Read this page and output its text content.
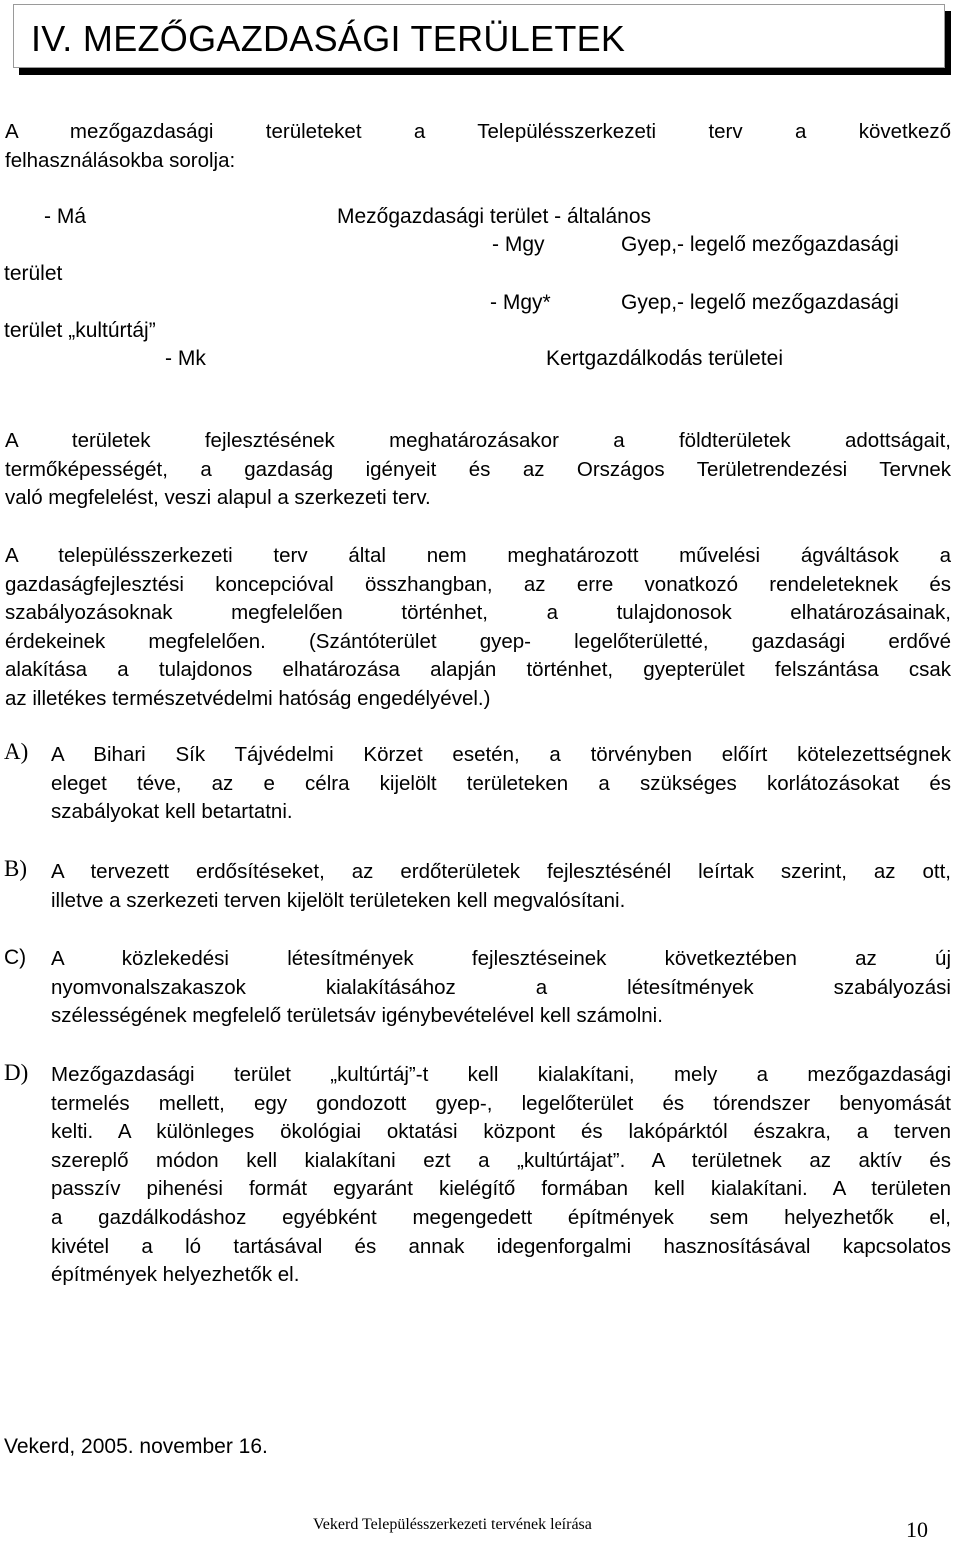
IV. MEZŐGAZDASÁGI TERÜLETEK
A	mezőgazdasági	területeket	a	Településszerkezeti	terv	a	következő
felhasználásokba sorolja:
- Má	Mezőgazdasági terület - általános
- Mgy	Gyep,- legelő mezőgazdasági
terület
- Mgy*	Gyep,- legelő mezőgazdasági
terület „kultúrtáj”
- Mk	Kertgazdálkodás területei
A területek fejlesztésének meghatározásakor a földterületek adottságait,
termőképességét, a gazdaság igényeit és az Országos Területrendezési Tervnek
való megfelelést, veszi alapul a szerkezeti terv.
A településszerkezeti terv által nem meghatározott művelési ágváltások a
gazdaságfejlesztési koncepcióval összhangban, az erre vonatkozó rendeleteknek és
szabályozásoknak megfelelően történhet, a tulajdonosok elhatározásainak,
érdekeinek megfelelően. (Szántóterület gyep- legelőterületté, gazdasági erdővé
alakítása a tulajdonos elhatározása alapján történhet, gyepterület felszántása csak
az illetékes természetvédelmi hatóság engedélyével.)
A) A Bihari Sík Tájvédelmi Körzet esetén, a törvényben előírt kötelezettségnek
eleget téve, az e célra kijelölt területeken a szükséges korlátozásokat és
szabályokat kell betartatni.
B) A tervezett erdősítéseket, az erdőterületek fejlesztésénél leírtak szerint, az ott,
illetve a szerkezeti terven kijelölt területeken kell megvalósítani.
C) A közlekedési létesítmények fejlesztéseinek következtében az új
nyomvonalszakaszok kialakításához a létesítmények szabályozási
szélességének megfelelő területsáv igénybevételével kell számolni.
D) Mezőgazdasági terület „kultúrtáj”-t kell kialakítani, mely a mezőgazdasági
termelés mellett, egy gondozott gyep-, legelőterület és tórendszer benyomását
kelti. A különleges ökológiai oktatási központ és lakópárktól északra, a terven
szereplő módon kell kialakítani ezt a „kultúrtájat”. A területnek az aktív és
passzív pihenési formát egyaránt kielégítő formában kell kialakítani. A területen
a gazdálkodáshoz egyébként megengedett építmények sem helyezhetők el,
kivétel a ló tartásával és annak idegenforgalmi hasznosításával kapcsolatos
építmények helyezhetők el.
Vekerd, 2005. november 16.
Vekerd Településszerkezeti tervének leírása	10
